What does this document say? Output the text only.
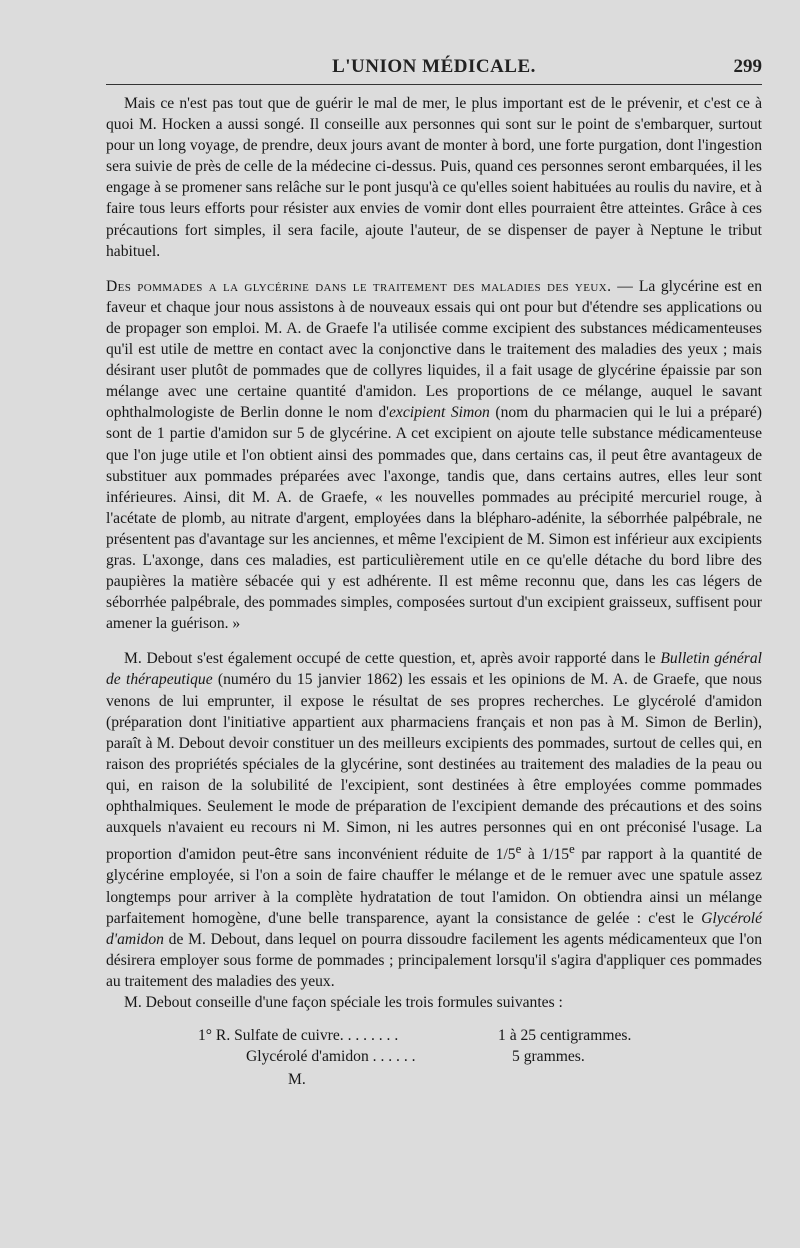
L'UNION MÉDICALE.	299

Mais ce n'est pas tout que de guérir le mal de mer, le plus important est de le prévenir, et c'est ce à quoi M. Hocken a aussi songé. Il conseille aux personnes qui sont sur le point de s'embarquer, surtout pour un long voyage, de prendre, deux jours avant de monter à bord, une forte purgation, dont l'ingestion sera suivie de près de celle de la médecine ci-dessus. Puis, quand ces personnes seront embarquées, il les engage à se promener sans relâche sur le pont jusqu'à ce qu'elles soient habituées au roulis du navire, et à faire tous leurs efforts pour résister aux envies de vomir dont elles pourraient être atteintes. Grâce à ces précautions fort simples, il sera facile, ajoute l'auteur, de se dispenser de payer à Neptune le tribut habituel.

Des pommades a la glycérine dans le traitement des maladies des yeux. — La glycérine est en faveur et chaque jour nous assistons à de nouveaux essais qui ont pour but d'étendre ses applications ou de propager son emploi. M. A. de Graefe l'a utilisée comme excipient des substances médicamenteuses qu'il est utile de mettre en contact avec la conjonctive dans le traitement des maladies des yeux ; mais désirant user plutôt de pommades que de collyres liquides, il a fait usage de glycérine épaissie par son mélange avec une certaine quantité d'amidon. Les proportions de ce mélange, auquel le savant ophthalmologiste de Berlin donne le nom d'excipient Simon (nom du pharmacien qui le lui a préparé) sont de 1 partie d'amidon sur 5 de glycérine. A cet excipient on ajoute telle substance médicamenteuse que l'on juge utile et l'on obtient ainsi des pommades que, dans certains cas, il peut être avantageux de substituer aux pommades préparées avec l'axonge, tandis que, dans certains autres, elles leur sont inférieures. Ainsi, dit M. A. de Graefe, « les nouvelles pommades au précipité mercuriel rouge, à l'acétate de plomb, au nitrate d'argent, employées dans la blépharo-adénite, la séborrhée palpébrale, ne présentent pas d'avantage sur les anciennes, et même l'excipient de M. Simon est inférieur aux excipients gras. L'axonge, dans ces maladies, est particulièrement utile en ce qu'elle détache du bord libre des paupières la matière sébacée qui y est adhérente. Il est même reconnu que, dans les cas légers de séborrhée palpébrale, des pommades simples, composées surtout d'un excipient graisseux, suffisent pour amener la guérison. »

M. Debout s'est également occupé de cette question, et, après avoir rapporté dans le Bulletin général de thérapeutique (numéro du 15 janvier 1862) les essais et les opinions de M. A. de Graefe, que nous venons de lui emprunter, il expose le résultat de ses propres recherches. Le glycérolé d'amidon (préparation dont l'initiative appartient aux pharmaciens français et non pas à M. Simon de Berlin), paraît à M. Debout devoir constituer un des meilleurs excipients des pommades, surtout de celles qui, en raison des propriétés spéciales de la glycérine, sont destinées au traitement des maladies de la peau ou qui, en raison de la solubilité de l'excipient, sont destinées à être employées comme pommades ophthalmiques. Seulement le mode de préparation de l'excipient demande des précautions et des soins auxquels n'avaient eu recours ni M. Simon, ni les autres personnes qui en ont préconisé l'usage. La proportion d'amidon peut-être sans inconvénient réduite de 1/5e à 1/15e par rapport à la quantité de glycérine employée, si l'on a soin de faire chauffer le mélange et de le remuer avec une spatule assez longtemps pour arriver à la complète hydratation de tout l'amidon. On obtiendra ainsi un mélange parfaitement homogène, d'une belle transparence, ayant la consistance de gelée : c'est le Glycérolé d'amidon de M. Debout, dans lequel on pourra dissoudre facilement les agents médicamenteux que l'on désirera employer sous forme de pommades ; principalement lorsqu'il s'agira d'appliquer ces pommades au traitement des maladies des yeux.

M. Debout conseille d'une façon spéciale les trois formules suivantes :

1° R. Sulfate de cuivre. . . . . . . .	1 à 25 centigrammes.
Glycérolé d'amidon . . . . . .	5 grammes.
M.
